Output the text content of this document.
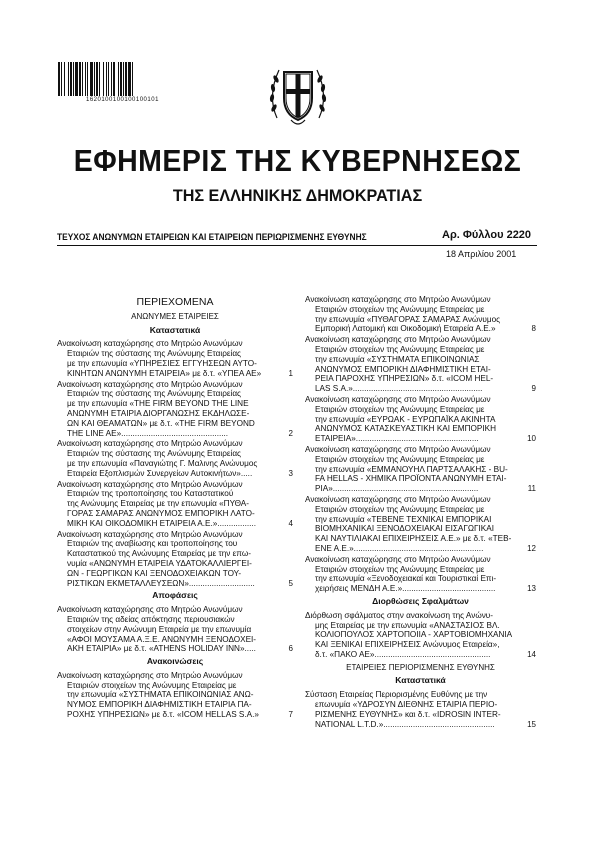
1620100100100100101
ΕΦΗΜΕΡΙΣ ΤΗΣ ΚΥΒΕΡΝΗΣΕΩΣ
ΤΗΣ ΕΛΛΗΝΙΚΗΣ ΔΗΜΟΚΡΑΤΙΑΣ
ΤΕΥΧΟΣ ΑΝΩΝΥΜΩΝ ΕΤΑΙΡΕΙΩΝ ΚΑΙ ΕΤΑΙΡΕΙΩΝ ΠΕΡΙΩΡΙΣΜΕΝΗΣ ΕΥΘΥΝΗΣ	Αρ. Φύλλου 2220
18 Απριλίου 2001
ΠΕΡΙΕΧΟΜΕΝΑ
ΑΝΩΝΥΜΕΣ ΕΤΑΙΡΕΙΕΣ
Καταστατικά
Ανακοίνωση καταχώρησης στο Μητρώο Ανωνύμων
Εταιριών της σύστασης της Ανώνυμης Εταιρείας
με την επωνυμία «ΥΠΗΡΕΣΙΕΣ ΕΓΓΥΗΣΕΩΝ ΑΥΤΟ-
ΚΙΝΗΤΩΝ ΑΝΩΝΥΜΗ ΕΤΑΙΡΕΙΑ» με δ.τ. «ΥΠΕΑ ΑΕ»	1
Ανακοίνωση καταχώρησης στο Μητρώο Ανωνύμων
Εταιριών της σύστασης της Ανώνυμης Εταιρείας
με την επωνυμία «THE FIRM BEYOND THE LINE
ΑΝΩΝΥΜΗ ΕΤΑΙΡΙΑ ΔΙΟΡΓΑΝΩΣΗΣ ΕΚΔΗΛΩΣΕ-
ΩΝ ΚΑΙ ΘΕΑΜΑΤΩΝ» με δ.τ. «THE FIRM BEYOND
THE LINE AE»...............................................	2
Ανακοίνωση καταχώρησης στο Μητρώο Ανωνύμων
Εταιριών της σύστασης της Ανώνυμης Εταιρείας
με την επωνυμία «Παναγιώτης Γ. Μαλινης Ανώνυμος
Εταιρεία Εξοπλισμών Συνεργείων Αυτοκινήτων».....	3
Ανακοίνωση καταχώρησης στο Μητρώο Ανωνύμων
Εταιριών της τροποποίησης του Καταστατικού
της Ανώνυμης Εταιρείας με την επωνυμία «ΠΥΘΑ-
ΓΟΡΑΣ ΣΑΜΑΡΑΣ ΑΝΩΝΥΜΟΣ ΕΜΠΟΡΙΚΗ ΛΑΤΟ-
ΜΙΚΗ ΚΑΙ ΟΙΚΟΔΟΜΙΚΗ ΕΤΑΙΡΕΙΑ Α.Ε.».................	4
Ανακοίνωση καταχώρησης στο Μητρώο Ανωνύμων
Εταιριών της αναβίωσης και τροποποίησης του
Καταστατικού της Ανώνυμης Εταιρείας με την επω-
νυμία «ΑΝΩΝΥΜΗ ΕΤΑΙΡΕΙΑ ΥΔΑΤΟΚΑΛΛΙΕΡΓΕΙ-
ΩΝ - ΓΕΩΡΓΙΚΩΝ ΚΑΙ ΞΕΝΟΔΟΧΕΙΑΚΩΝ ΤΟΥ-
ΡΙΣΤΙΚΩΝ ΕΚΜΕΤΑΛΛΕΥΣΕΩΝ».............................	5
Αποφάσεις
Ανακοίνωση καταχώρησης στο Μητρώο Ανωνύμων
Εταιριών της αδείας απόκτησης περιουσιακών
στοιχείων στην Ανώνυμη Εταιρεία με την επωνυμία
«ΑΦΟΙ ΜΟΥΣΑΜΑ Α.Ξ.Ε. ΑΝΩΝΥΜΗ ΞΕΝΟΔΟΧΕΙ-
ΑΚΗ ΕΤΑΙΡΙΑ» με δ.τ. «ATHENS HOLIDAY INN».....	6
Ανακοινώσεις
Ανακοίνωση καταχώρησης στο Μητρώο Ανωνύμων
Εταιριών στοιχείων της Ανώνυμης Εταιρείας με
την επωνυμία «ΣΥΣΤΗΜΑΤΑ ΕΠΙΚΟΙΝΩΝΙΑΣ ΑΝΩ-
ΝΥΜΟΣ ΕΜΠΟΡΙΚΗ ΔΙΑΦΗΜΙΣΤΙΚΗ ΕΤΑΙΡΙΑ ΠΑ-
ΡΟΧΗΣ ΥΠΗΡΕΣΙΩΝ» με δ.τ. «ICOM HELLAS S.A.»	7
Ανακοίνωση καταχώρησης στο Μητρώο Ανωνύμων
Εταιριών στοιχείων της Ανώνυμης Εταιρείας με
την επωνυμία «ΠΥΘΑΓΟΡΑΣ ΣΑΜΑΡΑΣ Ανώνυμος
Εμπορική Λατομική και Οικοδομική Εταιρεία Α.Ε.»	8
Ανακοίνωση καταχώρησης στο Μητρώο Ανωνύμων
Εταιριών στοιχείων της Ανώνυμης Εταιρείας με
την επωνυμία «ΣΥΣΤΗΜΑΤΑ ΕΠΙΚΟΙΝΩΝΙΑΣ
ΑΝΩΝΥΜΟΣ ΕΜΠΟΡΙΚΗ ΔΙΑΦΗΜΙΣΤΙΚΗ ΕΤΑΙ-
ΡΕΙΑ ΠΑΡΟΧΗΣ ΥΠΗΡΕΣΙΩΝ» δ.τ. «ICOM HEL-
LAS S.A.».........................................................	9
Ανακοίνωση καταχώρησης στο Μητρώο Ανωνύμων
Εταιριών στοιχείων της Ανώνυμης Εταιρείας με
την επωνυμία «ΕΥΡΩΑΚ - ΕΥΡΩΠΑΪΚΑ ΑΚΙΝΗΤΑ
ΑΝΩΝΥΜΟΣ ΚΑΤΑΣΚΕΥΑΣΤΙΚΗ ΚΑΙ ΕΜΠΟΡΙΚΗ
ΕΤΑΙΡΕΙΑ»......................................................	10
Ανακοίνωση καταχώρησης στο Μητρώο Ανωνύμων
Εταιριών στοιχείων της Ανώνυμης Εταιρείας με
την επωνυμία «ΕΜΜΑΝΟΥΗΛ ΠΑΡΤΣΑΛΑΚΗΣ - BU-
FA HELLAS - ΧΗΜΙΚΑ ΠΡΟΪΟΝΤΑ ΑΝΩΝΥΜΗ ΕΤΑΙ-
ΡΙΑ»................................................................	11
Ανακοίνωση καταχώρησης στο Μητρώο Ανωνύμων
Εταιριών στοιχείων της Ανώνυμης Εταιρείας με
την επωνυμία «ΤΕΒΕΝΕ ΤΕΧΝΙΚΑΙ ΕΜΠΟΡΙΚΑΙ
ΒΙΟΜΗΧΑΝΙΚΑΙ ΞΕΝΟΔΟΧΕΙΑΚΑΙ ΕΙΣΑΓΩΓΙΚΑΙ
ΚΑΙ ΝΑΥΤΙΛΙΑΚΑΙ ΕΠΙΧΕΙΡΗΣΕΙΣ Α.Ε.» με δ.τ. «ΤΕΒ-
ΕΝΕ Α.Ε.».........................................................	12
Ανακοίνωση καταχώρησης στο Μητρώο Ανωνύμων
Εταιριών στοιχείων της Ανώνυμης Εταιρείας με
την επωνυμία «Ξενοδοχειακαί και Τουριστικαί Επι-
χειρήσεις ΜΕΝΔΗ Α.Ε.».........................................	13
Διορθώσεις Σφαλμάτων
Διόρθωση σφάλματος στην ανακοίνωση της Ανώνυ-
μης Εταιρείας με την επωνυμία «ΑΝΑΣΤΑΣΙΟΣ ΒΛ.
ΚΟΛΙΟΠΟΥΛΟΣ ΧΑΡΤΟΠΟΙΙΑ - ΧΑΡΤΟΒΙΟΜΗΧΑΝΙΑ
ΚΑΙ ΞΕΝΙΚΑΙ ΕΠΙΧΕΙΡΗΣΕΙΣ Ανώνυμος Εταιρεία»,
δ.τ. «ΠΑΚΟ ΑΕ»...................................................	14
ΕΤΑΙΡΕΙΕΣ ΠΕΡΙΟΡΙΣΜΕΝΗΣ ΕΥΘΥΝΗΣ
Καταστατικά
Σύσταση Εταιρείας Περιορισμένης Ευθύνης με την
επωνυμία «ΥΔΡΟΣΥΝ ΔΙΕΘΝΗΣ ΕΤΑΙΡΙΑ ΠΕΡΙΟ-
ΡΙΣΜΕΝΗΣ ΕΥΘΥΝΗΣ» και δ.τ. «IDROSIN INTER-
NATIONAL L.T.D.».................................................	15
